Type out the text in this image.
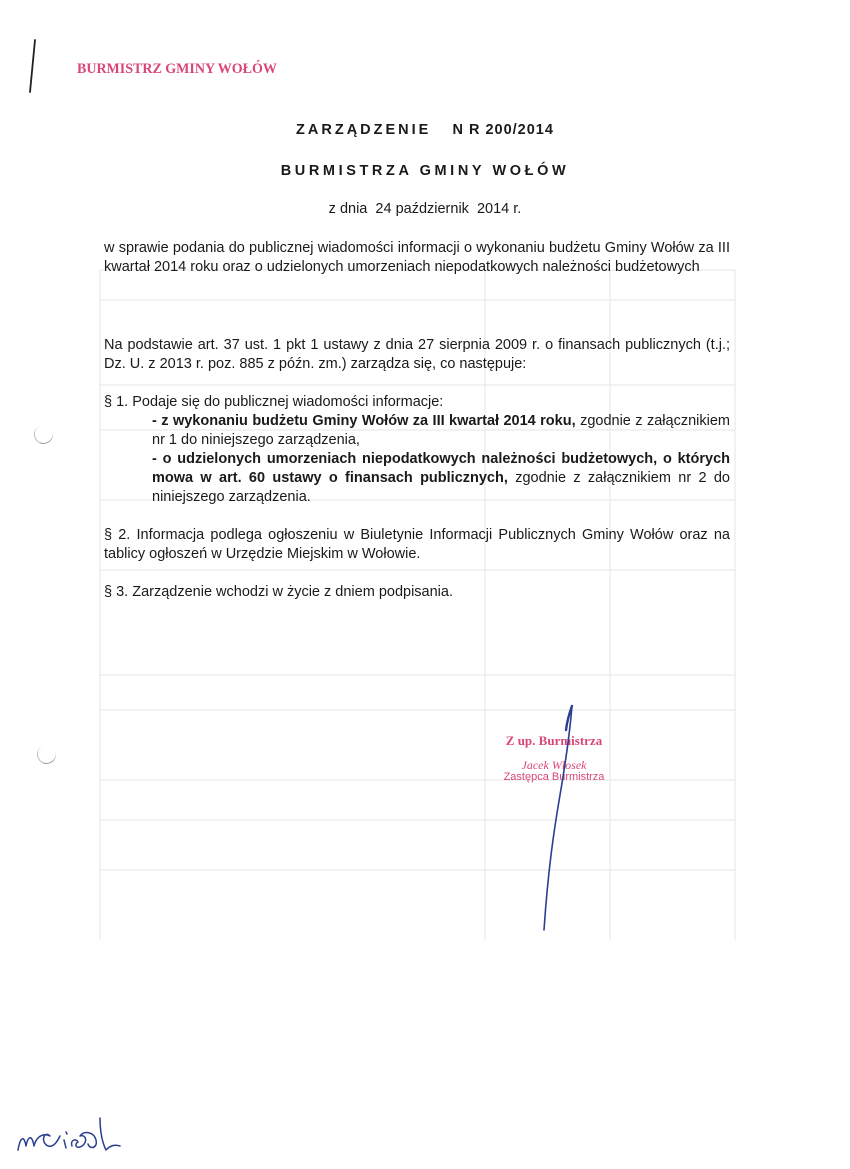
BURMISTRZ GMINY WOŁÓW
ZARZĄDZENIE N R 200/2014
BURMISTRZA GMINY WOŁÓW
z dnia  24 październik  2014 r.

w sprawie podania do publicznej wiadomości informacji o wykonaniu budżetu Gminy Wołów za III kwartał 2014 roku oraz o udzielonych umorzeniach niepodatkowych należności budżetowych

Na podstawie art. 37 ust. 1 pkt 1 ustawy z dnia 27 sierpnia 2009 r. o finansach publicznych (t.j.; Dz. U. z 2013 r. poz. 885 z późn. zm.) zarządza się, co następuje:

§ 1. Podaje się do publicznej wiadomości informacje:

- z wykonaniu budżetu Gminy Wołów za III kwartał 2014 roku, zgodnie z załącznikiem nr 1 do niniejszego zarządzenia,

- o udzielonych umorzeniach niepodatkowych należności budżetowych, o których mowa w art. 60 ustawy o finansach publicznych, zgodnie z załącznikiem nr 2 do niniejszego zarządzenia.

§ 2. Informacja podlega ogłoszeniu w Biuletynie Informacji Publicznych Gminy Wołów oraz na tablicy ogłoszeń w Urzędzie Miejskim w Wołowie.

§ 3. Zarządzenie wchodzi w życie z dniem podpisania.

Z up. Burmistrza
Jacek Włosek
Zastępca Burmistrza
